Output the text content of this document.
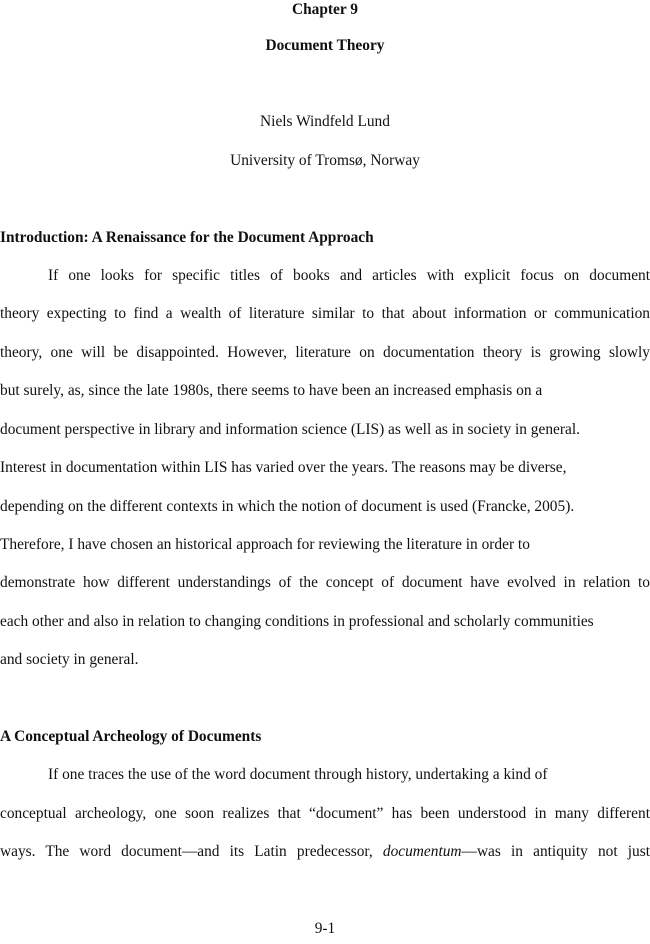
Chapter 9
Document Theory
Niels Windfeld Lund
University of Tromsø, Norway
Introduction: A Renaissance for the Document Approach
If one looks for specific titles of books and articles with explicit focus on document
theory expecting to find a wealth of literature similar to that about information or communication
theory, one will be disappointed. However, literature on documentation theory is growing slowly
but surely, as, since the late 1980s, there seems to have been an increased emphasis on a
document perspective in library and information science (LIS) as well as in society in general.
Interest in documentation within LIS has varied over the years. The reasons may be diverse,
depending on the different contexts in which the notion of document is used (Francke, 2005).
Therefore, I have chosen an historical approach for reviewing the literature in order to
demonstrate how different understandings of the concept of document have evolved in relation to
each other and also in relation to changing conditions in professional and scholarly communities
and society in general.
A Conceptual Archeology of Documents
If one traces the use of the word document through history, undertaking a kind of
conceptual archeology, one soon realizes that “document” has been understood in many different
ways. The word document—and its Latin predecessor, documentum—was in antiquity not just
9-1
